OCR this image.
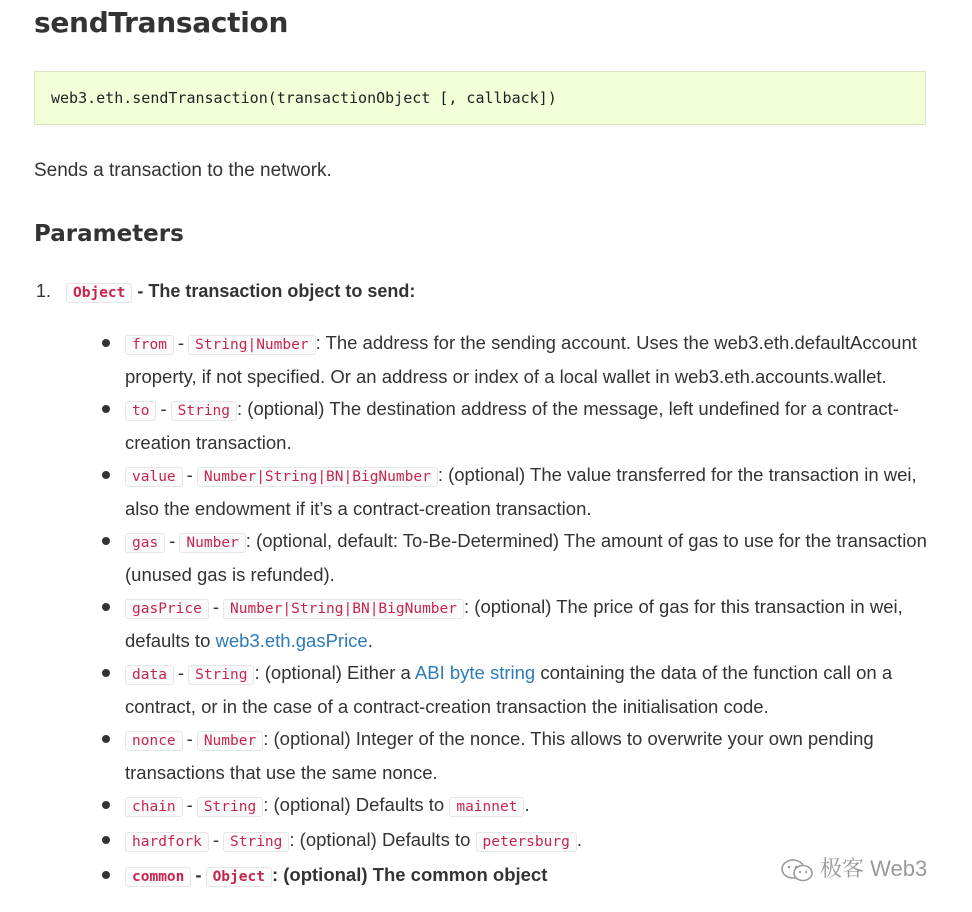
sendTransaction
web3.eth.sendTransaction(transactionObject [, callback])
Sends a transaction to the network.
Parameters
1. Object - The transaction object to send:
from - String|Number : The address for the sending account. Uses the web3.eth.defaultAccount property, if not specified. Or an address or index of a local wallet in web3.eth.accounts.wallet.
to - String : (optional) The destination address of the message, left undefined for a contract-creation transaction.
value - Number|String|BN|BigNumber : (optional) The value transferred for the transaction in wei, also the endowment if it’s a contract-creation transaction.
gas - Number : (optional, default: To-Be-Determined) The amount of gas to use for the transaction (unused gas is refunded).
gasPrice - Number|String|BN|BigNumber : (optional) The price of gas for this transaction in wei, defaults to web3.eth.gasPrice.
data - String : (optional) Either a ABI byte string containing the data of the function call on a contract, or in the case of a contract-creation transaction the initialisation code.
nonce - Number : (optional) Integer of the nonce. This allows to overwrite your own pending transactions that use the same nonce.
chain - String : (optional) Defaults to mainnet .
hardfork - String : (optional) Defaults to petersburg .
common - Object : (optional) The common object	极客 Web3
